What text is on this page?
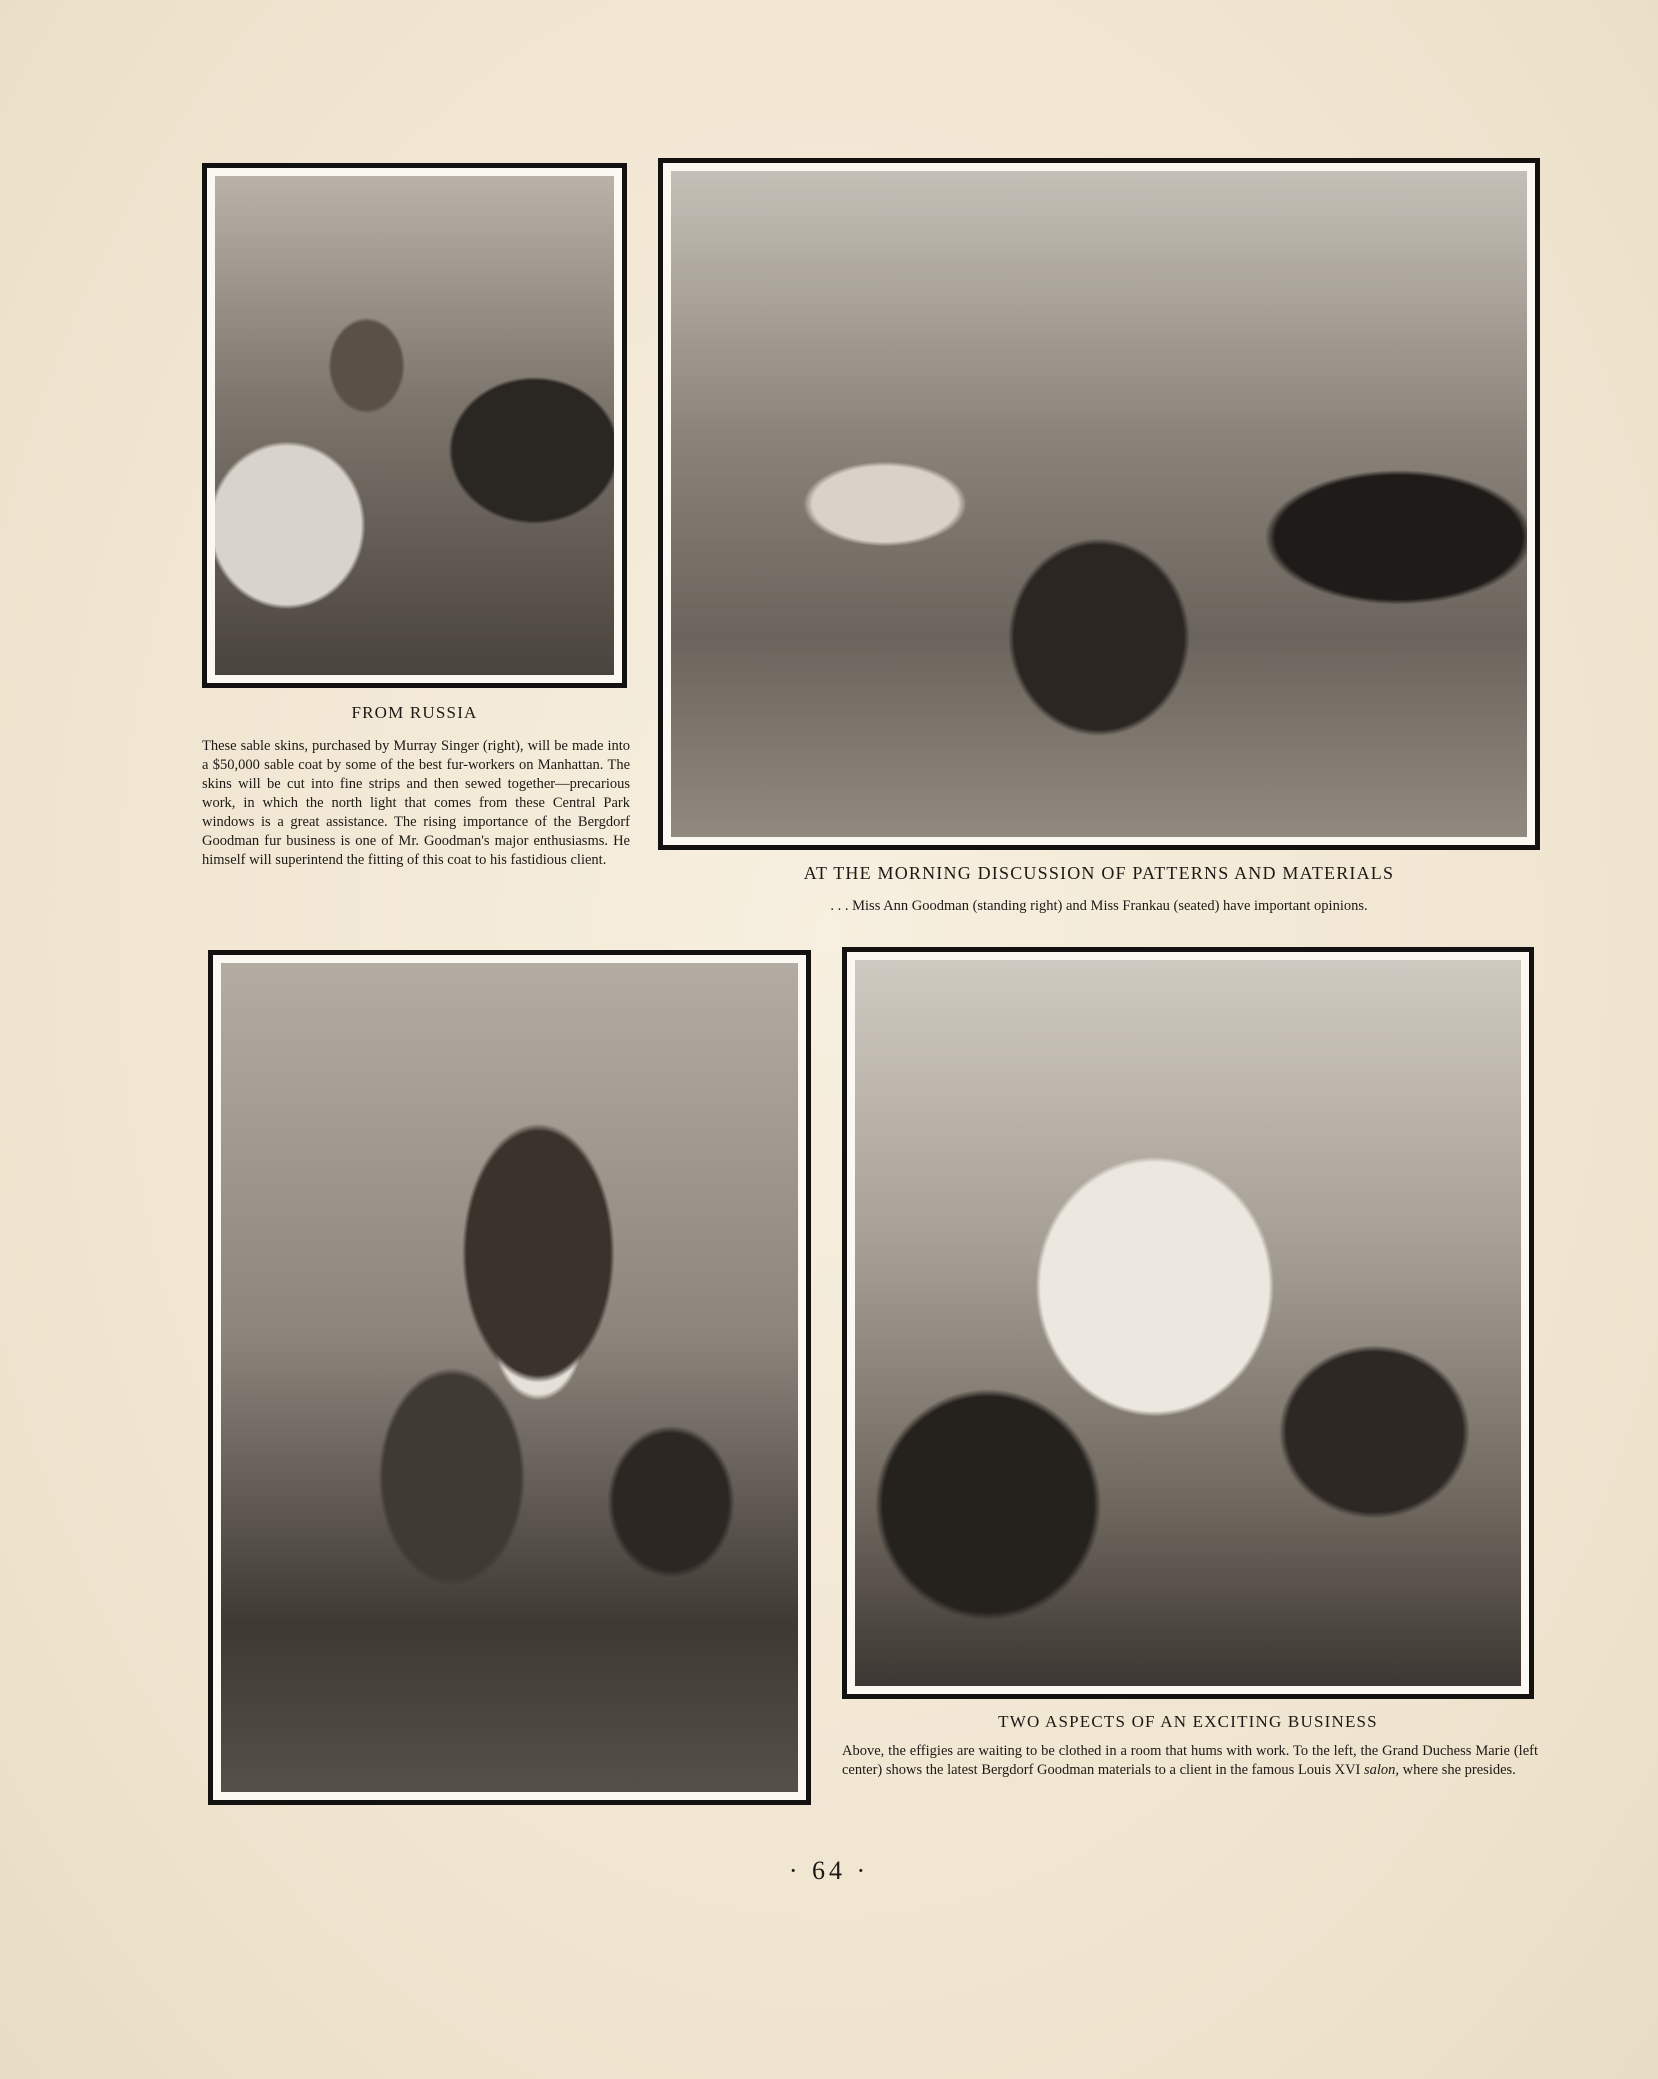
FROM RUSSIA
These sable skins, purchased by Murray Singer (right), will be made into a $50,000 sable coat by some of the best fur-workers on Manhattan. The skins will be cut into fine strips and then sewed together—precarious work, in which the north light that comes from these Central Park windows is a great assistance. The rising importance of the Bergdorf Goodman fur business is one of Mr. Goodman's major enthusiasms. He himself will superintend the fitting of this coat to his fastidious client.
AT THE MORNING DISCUSSION OF PATTERNS AND MATERIALS
. . . Miss Ann Goodman (standing right) and Miss Frankau (seated) have important opinions.
TWO ASPECTS OF AN EXCITING BUSINESS
Above, the effigies are waiting to be clothed in a room that hums with work. To the left, the Grand Duchess Marie (left center) shows the latest Bergdorf Goodman materials to a client in the famous Louis XVI salon, where she presides.
· 64 ·
